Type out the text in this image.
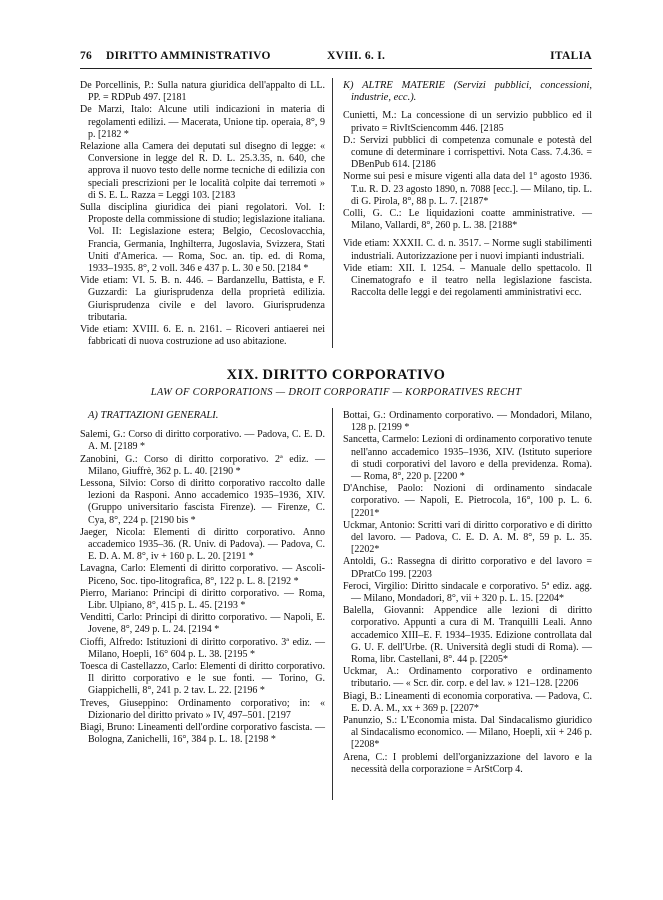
76 DIRITTO AMMINISTRATIVO	XVIII. 6. I.	ITALIA

De Porcellinis, P.: Sulla natura giuridica dell'appalto di LL. PP. = RDPub 497. [2181

De Marzi, Italo: Alcune utili indicazioni in materia di regolamenti edilizi. — Macerata, Unione tip. operaia, 8°, 9 p. [2182 *

Relazione alla Camera dei deputati sul disegno di legge: « Conversione in legge del R. D. L. 25.3.35, n. 640, che approva il nuovo testo delle norme tecniche di edilizia con speciali prescrizioni per le località colpite dai terremoti » di S. E. L. Razza = Leggi 103. [2183

Sulla disciplina giuridica dei piani regolatori. Vol. I: Proposte della commissione di studio; legislazione italiana. Vol. II: Legislazione estera; Belgio, Cecoslovacchia, Francia, Germania, Inghilterra, Jugoslavia, Svizzera, Stati Uniti d'America. — Roma, Soc. an. tip. ed. di Roma, 1933–1935. 8°, 2 voll. 346 e 437 p. L. 30 e 50. [2184 *

Vide etiam: VI. 5. B. n. 446. – Bardanzellu, Battista, e F. Guzzardi: La giurisprudenza della proprietà edilizia. Giurisprudenza civile e del lavoro. Giurisprudenza tributaria.

Vide etiam: XVIII. 6. E. n. 2161. – Ricoveri antiaerei nei fabbricati di nuova costruzione ad uso abitazione.

K) ALTRE MATERIE (Servizi pubblici, concessioni, industrie, ecc.).

Cunietti, M.: La concessione di un servizio pubblico ed il privato = RivItSciencomm 446. [2185

D.: Servizi pubblici di competenza comunale e potestà del comune di determinare i corrispettivi. Nota Cass. 7.4.36. = DBenPub 614. [2186

Norme sui pesi e misure vigenti alla data del 1° agosto 1936. T.u. R. D. 23 agosto 1890, n. 7088 [ecc.]. — Milano, tip. L. di G. Pirola, 8°, 88 p. L. 7. [2187*

Colli, G. C.: Le liquidazioni coatte amministrative. — Milano, Vallardi, 8°, 260 p. L. 38. [2188*

Vide etiam: XXXII. C. d. n. 3517. – Norme sugli stabilimenti industriali. Autorizzazione per i nuovi impianti industriali.

Vide etiam: XII. I. 1254. – Manuale dello spettacolo. Il Cinematografo e il teatro nella legislazione fascista. Raccolta delle leggi e dei regolamenti amministrativi ecc.

XIX. DIRITTO CORPORATIVO
LAW OF CORPORATIONS — DROIT CORPORATIF — KORPORATIVES RECHT

A) TRATTAZIONI GENERALI.

Salemi, G.: Corso di diritto corporativo. — Padova, C. E. D. A. M. [2189 *

Zanobini, G.: Corso di diritto corporativo. 2ª ediz. — Milano, Giuffrè, 362 p. L. 40. [2190 *

Lessona, Silvio: Corso di diritto corporativo raccolto dalle lezioni da Rasponi. Anno accademico 1935–1936, XIV. (Gruppo universitario fascista Firenze). — Firenze, C. Cya, 8°, 224 p. [2190 bis *

Jaeger, Nicola: Elementi di diritto corporativo. Anno accademico 1935–36. (R. Univ. di Padova). — Padova, C. E. D. A. M. 8°, iv + 160 p. L. 20. [2191 *

Lavagna, Carlo: Elementi di diritto corporativo. — Ascoli-Piceno, Soc. tipo-litografica, 8°, 122 p. L. 8. [2192 *

Pierro, Mariano: Principi di diritto corporativo. — Roma, Libr. Ulpiano, 8°, 415 p. L. 45. [2193 *

Venditti, Carlo: Principi di diritto corporativo. — Napoli, E. Jovene, 8°, 249 p. L. 24. [2194 *

Cioffi, Alfredo: Istituzioni di diritto corporativo. 3ª ediz. — Milano, Hoepli, 16° 604 p. L. 38. [2195 *

Toesca di Castellazzo, Carlo: Elementi di diritto corporativo. Il diritto corporativo e le sue fonti. — Torino, G. Giappichelli, 8°, 241 p. 2 tav. L. 22. [2196 *

Treves, Giuseppino: Ordinamento corporativo; in: « Dizionario del diritto privato » IV, 497–501. [2197

Biagi, Bruno: Lineamenti dell'ordine corporativo fascista. — Bologna, Zanichelli, 16°, 384 p. L. 18. [2198 *

Bottai, G.: Ordinamento corporativo. — Mondadori, Milano, 128 p. [2199 *

Sancetta, Carmelo: Lezioni di ordinamento corporativo tenute nell'anno accademico 1935–1936, XIV. (Istituto superiore di studi corporativi del lavoro e della previdenza. Roma). — Roma, 8°, 220 p. [2200 *

D'Anchise, Paolo: Nozioni di ordinamento sindacale corporativo. — Napoli, E. Pietrocola, 16°, 100 p. L. 6. [2201*

Uckmar, Antonio: Scritti vari di diritto corporativo e di diritto del lavoro. — Padova, C. E. D. A. M. 8°, 59 p. L. 35. [2202*

Antoldi, G.: Rassegna di diritto corporativo e del lavoro = DPratCo 199. [2203

Feroci, Virgilio: Diritto sindacale e corporativo. 5ª ediz. agg. — Milano, Mondadori, 8°, vii + 320 p. L. 15. [2204*

Balella, Giovanni: Appendice alle lezioni di diritto corporativo. Appunti a cura di M. Tranquilli Leali. Anno accademico XIII–E. F. 1934–1935. Edizione controllata dal G. U. F. dell'Urbe. (R. Università degli studi di Roma). — Roma, libr. Castellani, 8°. 44 p. [2205*

Uckmar, A.: Ordinamento corporativo e ordinamento tributario. — « Scr. dir. corp. e del lav. » 121–128. [2206

Biagi, B.: Lineamenti di economia corporativa. — Padova, C. E. D. A. M., xx + 369 p. [2207*

Panunzio, S.: L'Economia mista. Dal Sindacalismo giuridico al Sindacalismo economico. — Milano, Hoepli, xii + 246 p. [2208*

Arena, C.: I problemi dell'organizzazione del lavoro e la necessità della corporazione = ArStCorp 4.
